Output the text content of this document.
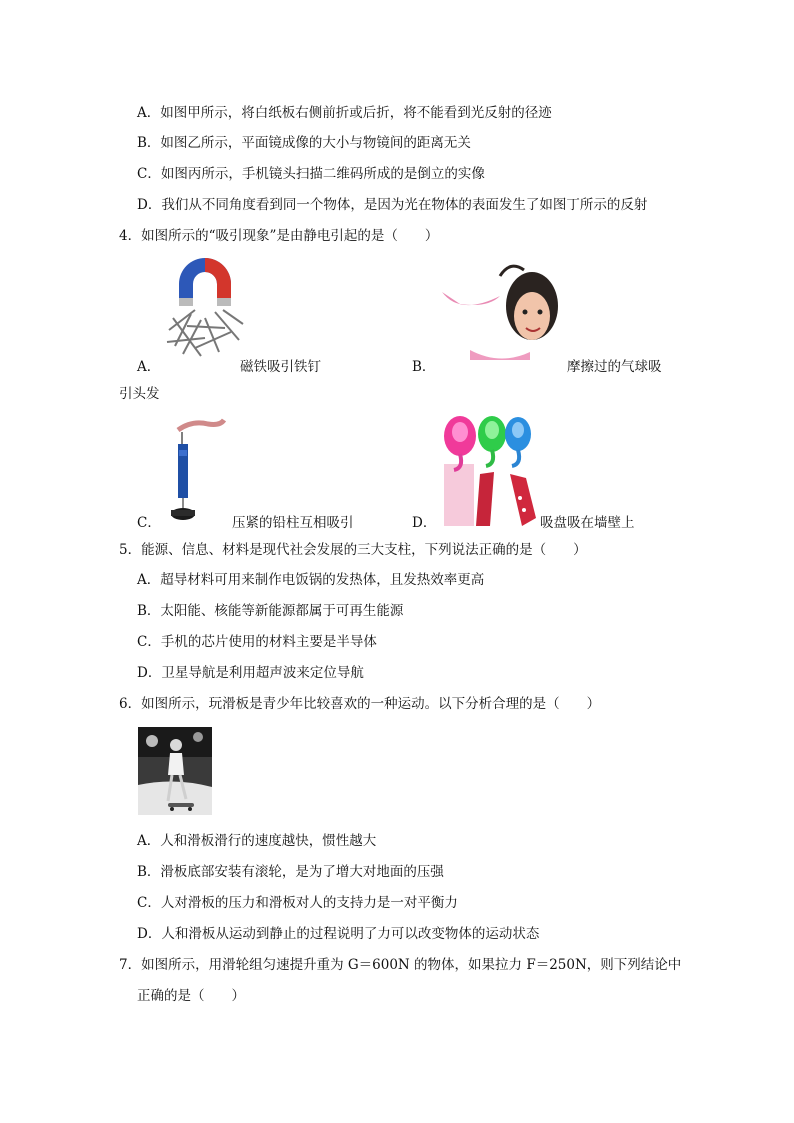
A．如图甲所示，将白纸板右侧前折或后折，将不能看到光反射的径迹
B．如图乙所示，平面镜成像的大小与物镜间的距离无关
C．如图丙所示，手机镜头扫描二维码所成的是倒立的实像
D．我们从不同角度看到同一个物体，是因为光在物体的表面发生了如图丁所示的反射
4．如图所示的“吸引现象”是由静电引起的是（　　）
A．	磁铁吸引铁钉	B．	摩擦过的气球吸
引头发
C．	压紧的铅柱互相吸引	D．	吸盘吸在墙壁上
5．能源、信息、材料是现代社会发展的三大支柱，下列说法正确的是（　　）
A．超导材料可用来制作电饭锅的发热体，且发热效率更高
B．太阳能、核能等新能源都属于可再生能源
C．手机的芯片使用的材料主要是半导体
D．卫星导航是利用超声波来定位导航
6．如图所示，玩滑板是青少年比较喜欢的一种运动。以下分析合理的是（　　）
A．人和滑板滑行的速度越快，惯性越大
B．滑板底部安装有滚轮，是为了增大对地面的压强
C．人对滑板的压力和滑板对人的支持力是一对平衡力
D．人和滑板从运动到静止的过程说明了力可以改变物体的运动状态
7．如图所示，用滑轮组匀速提升重为 G＝600N 的物体，如果拉力 F＝250N，则下列结论中
正确的是（　　）
